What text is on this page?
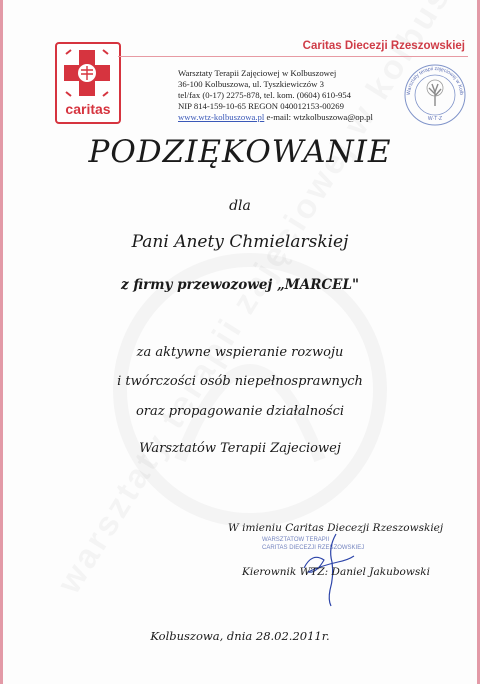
caritas
Caritas Diecezji Rzeszowskiej
Warsztaty Terapii Zajęciowej w Kolbuszowej
36-100 Kolbuszowa, ul. Tyszkiewiczów 3
tel/fax (0-17) 2275-878, tel. kom. (0604) 610-954
NIP 814-159-10-65 REGON 040012153-00269
www.wtz-kolbuszowa.pl e-mail: wtzkolbuszowa@op.pl
Warsztaty terapii zajęciowej w Kolb
W·T·Z
PODZIĘKOWANIE
dla
Pani Anety Chmielarskiej
z firmy przewozowej „MARCEL"
za aktywne wspieranie rozwoju
i twórczości osób niepełnosprawnych
oraz propagowanie działalności
Warsztatów Terapii Zajeciowej
W imieniu Caritas Diecezji Rzeszowskiej
WARSZTATÓW TERAPII
CARITAS DIECEZJI RZESZOWSKIEJ
Kierownik WTZ: Daniel Jakubowski
Kolbuszowa, dnia 28.02.2011r.
